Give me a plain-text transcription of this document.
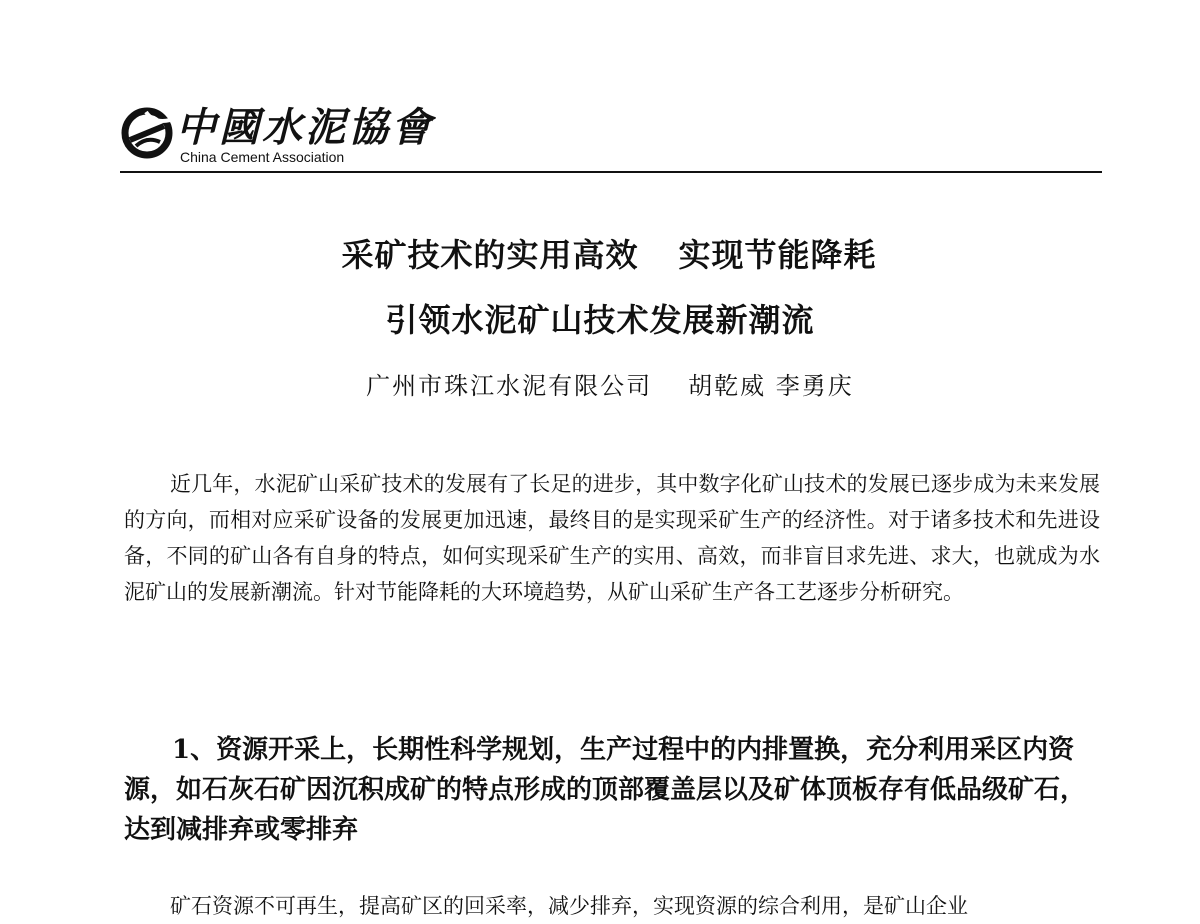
中國水泥協會
China Cement Association
采矿技术的实用高效 实现节能降耗
引领水泥矿山技术发展新潮流
广州市珠江水泥有限公司 胡乾威 李勇庆

近几年，水泥矿山采矿技术的发展有了长足的进步，其中数字化矿山技术的发展已逐步成为未来发展的方向，而相对应采矿设备的发展更加迅速，最终目的是实现采矿生产的经济性。对于诸多技术和先进设备，不同的矿山各有自身的特点，如何实现采矿生产的实用、高效，而非盲目求先进、求大，也就成为水泥矿山的发展新潮流。针对节能降耗的大环境趋势，从矿山采矿生产各工艺逐步分析研究。

1、资源开采上，长期性科学规划，生产过程中的内排置换，充分利用采区内资源，如石灰石矿因沉积成矿的特点形成的顶部覆盖层以及矿体顶板存有低品级矿石，达到减排弃或零排弃

矿石资源不可再生，提高矿区的回采率，减少排弃，实现资源的综合利用，是矿山企业
